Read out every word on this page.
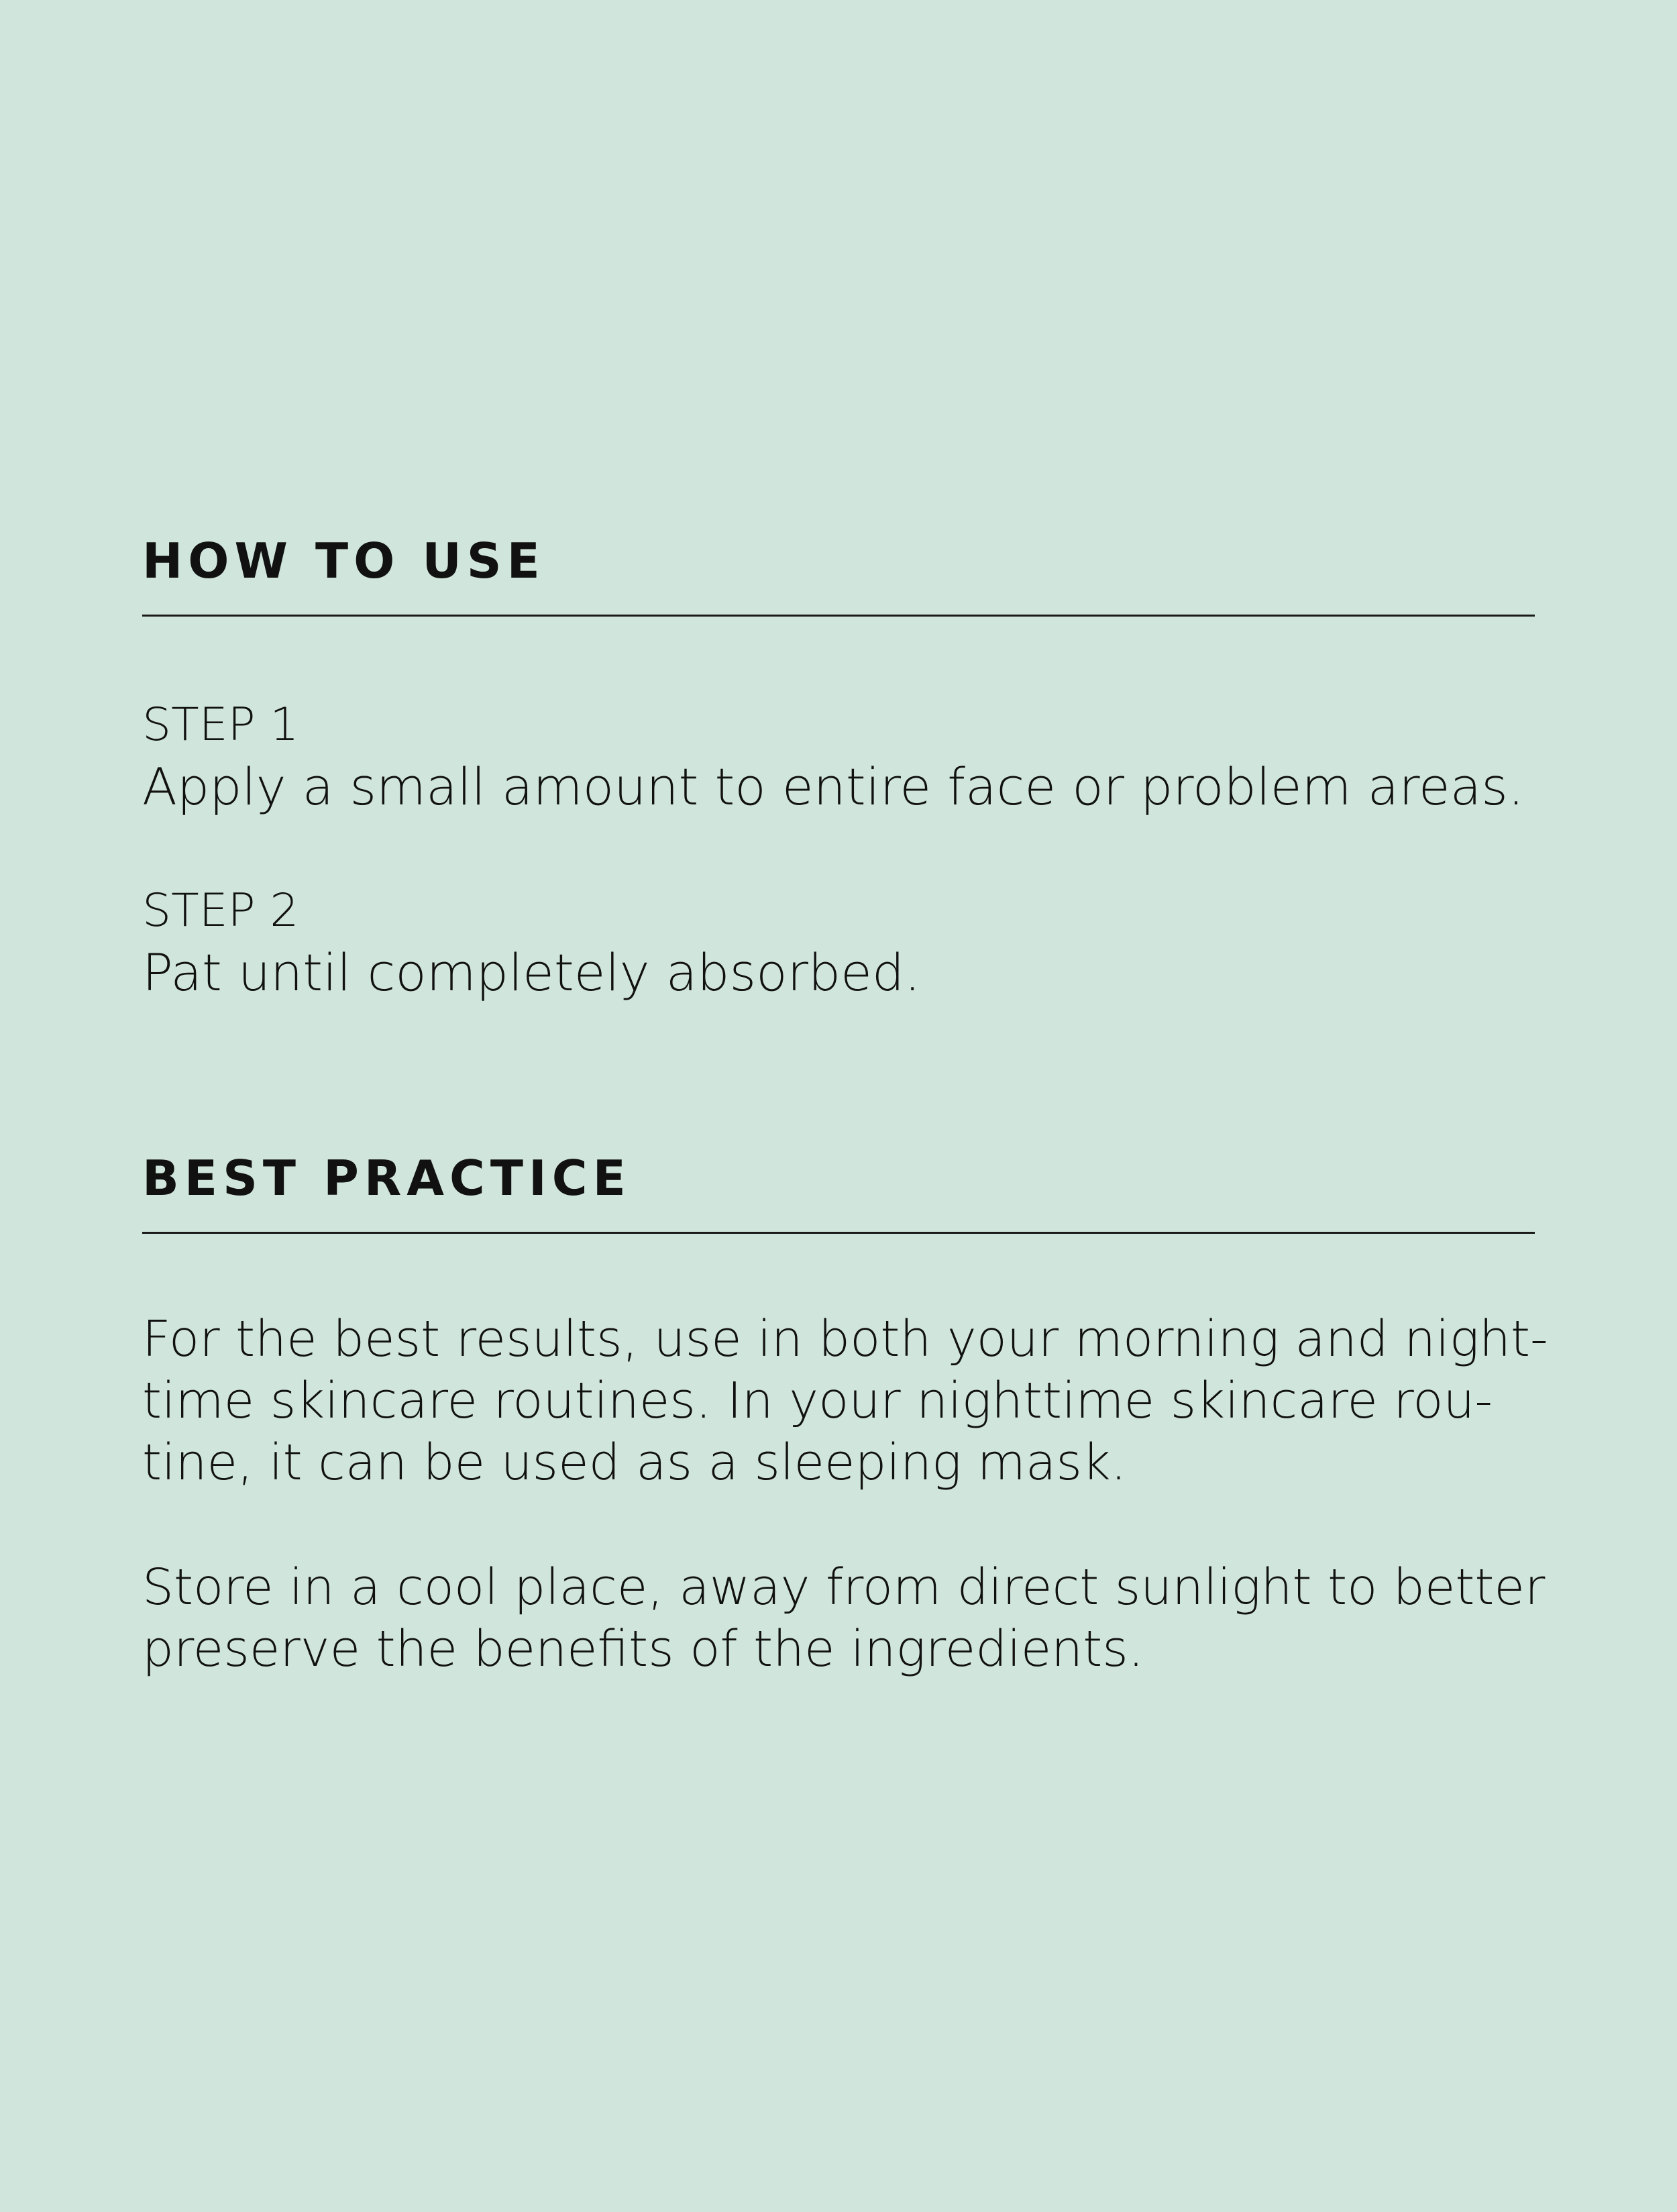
HOW TO USE
STEP 1
Apply a small amount to entire face or problem areas.
STEP 2
Pat until completely absorbed.
BEST PRACTICE

For the best results, use in both your morning and night-
time skincare routines. In your nighttime skincare rou-
tine, it can be used as a sleeping mask.

Store in a cool place, away from direct sunlight to better
preserve the benefits of the ingredients.
